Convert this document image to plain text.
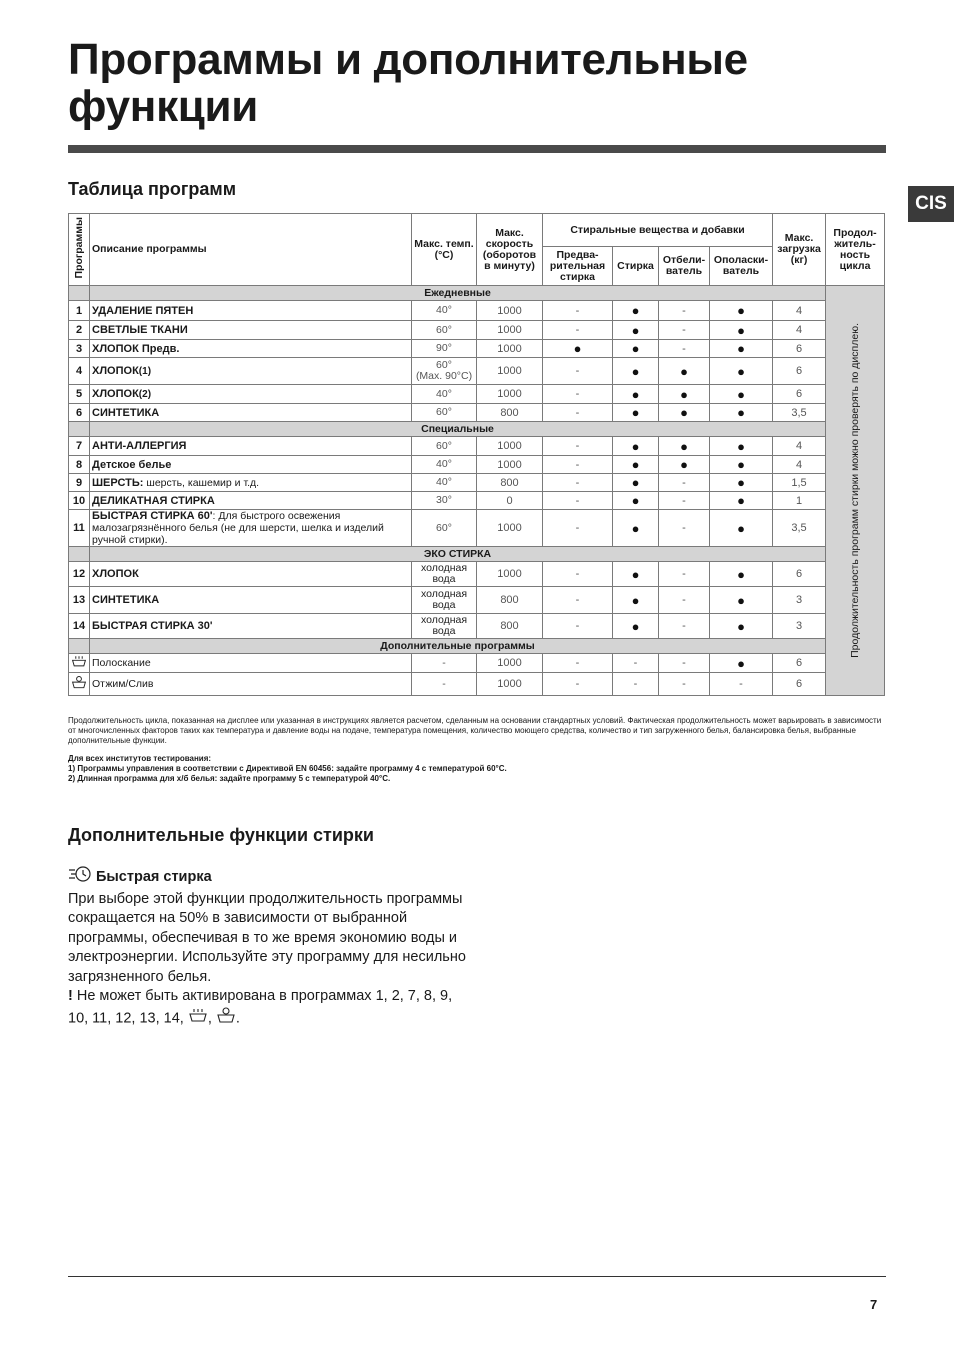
Программы и дополнительные
функции
CIS
Таблица программ
Программы	Описание программы	Макс. темп. (°C)	Макс. скорость (оборотов в минуту)	Стиральные вещества и добавки				Макс. загрузка (кг)	Продол- житель- ность цикла
				Предва- рительная стирка	Стирка	Отбели- ватель	Ополаски- ватель		
	Ежедневные								Продолжительность программ стирки можно проверять по дисплею.

1	УДАЛЕНИЕ ПЯТЕН	40°	1000	-	●	-	●	4	
2	СВЕТЛЫЕ ТКАНИ	60°	1000	-	●	-	●	4	
3	ХЛОПОК Предв.	90°	1000	●	●	-	●	6	
4	ХЛОПОК(1)	60°
(Max. 90°C)	1000	-	●	●	●	6	
5	ХЛОПОК(2)	40°	1000	-	●	●	●	6	
6	СИНТЕТИКА	60°	800	-	●	●	●	3,5	
	Специальные								
7	АНТИ-АЛЛЕРГИЯ	60°	1000	-	●	●	●	4	
8	Детское белье	40°	1000	-	●	●	●	4	
9	ШЕРСТЬ: шерсть, кашемир и т.д.	40°	800	-	●	-	●	1,5	
10	ДЕЛИКАТНАЯ СТИРКА	30°	0	-	●	-	●	1	
11	БЫСТРАЯ СТИРКА 60': Для быстрого освежения малозагрязнённого белья (не для шерсти, шелка и изделий ручной стирки).	60°	1000	-	●	-	●	3,5	
	ЭКО СТИРКА								
12	ХЛОПОК	холодная
вода	1000	-	●	-	●	6	
13	СИНТЕТИКА	холодная
вода	800	-	●	-	●	3	
14	БЫСТРАЯ СТИРКА 30'	холодная
вода	800	-	●	-	●	3	
	Дополнительные программы								
	Полоскание	-	1000	-	-	-	●	6	
	Отжим/Слив	-	1000	-	-	-	-	6	

Продолжительность цикла, показанная на дисплее или указанная в инструкциях является расчетом, сделанным на основании стандартных условий. Фактическая продолжительность может варьировать в зависимости от многочисленных факторов таких как температура и давление воды на подаче, температура помещения, количество моющего средства, количество и тип загруженного белья, балансировка белья, выбранные дополнительные функции.

Для всех институтов тестирования:
1) Программы управления в соответствии с Директивой EN 60456: задайте программу 4 с температурой 60°С.
2) Длинная программа для х/б белья: задайте программу 5 с температурой 40°С.

Дополнительные функции стирки

Быстрая стирка

При выборе этой функции продолжительность программы сокращается на 50% в зависимости от выбранной программы, обеспечивая в то же время экономию воды и электроэнергии. Используйте эту программу для несильно загрязненного белья.

! Не может быть активирована в программах 1, 2, 7, 8, 9, 10, 11, 12, 13, 14, , .

7
